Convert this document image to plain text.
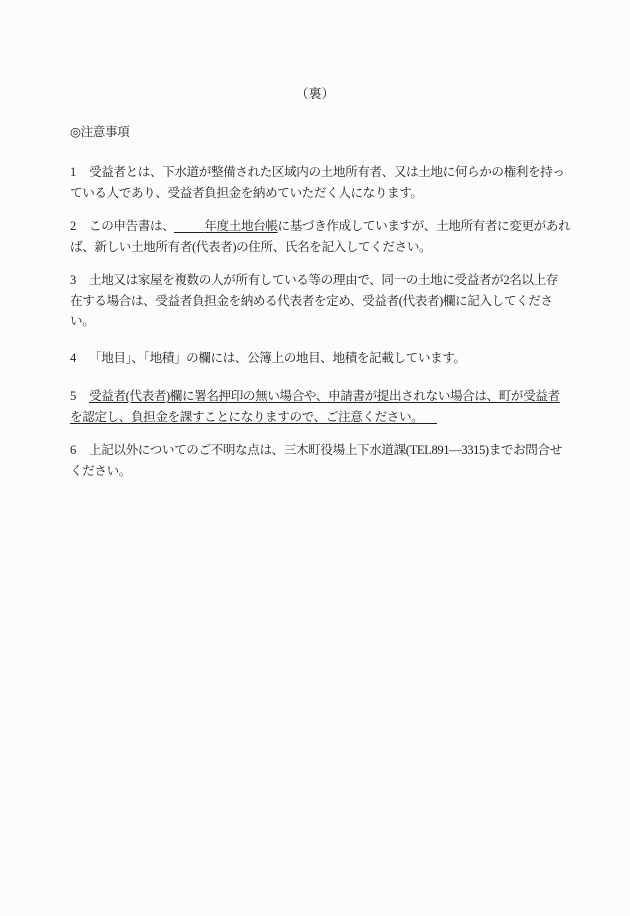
（裏）
◎注意事項
1 受益者とは、下水道が整備された区域内の土地所有者、又は土地に何らかの権利を持っ
ている人であり、受益者負担金を納めていただく人になります。
2 この申告書は、 年度土地台帳に基づき作成していますが、土地所有者に変更があれ
ば、新しい土地所有者(代表者)の住所、氏名を記入してください。
3 土地又は家屋を複数の人が所有している等の理由で、同一の土地に受益者が2名以上存
在する場合は、受益者負担金を納める代表者を定め、受益者(代表者)欄に記入してくださ
い。
4 「地目」、「地積」の欄には、公簿上の地目、地積を記載しています。
5 受益者(代表者)欄に署名押印の無い場合や、申請書が提出されない場合は、町が受益者
を認定し、負担金を課すことになりますので、ご注意ください。
6 上記以外についてのご不明な点は、三木町役場上下水道課(TEL891―3315)までお問合せ
ください。
